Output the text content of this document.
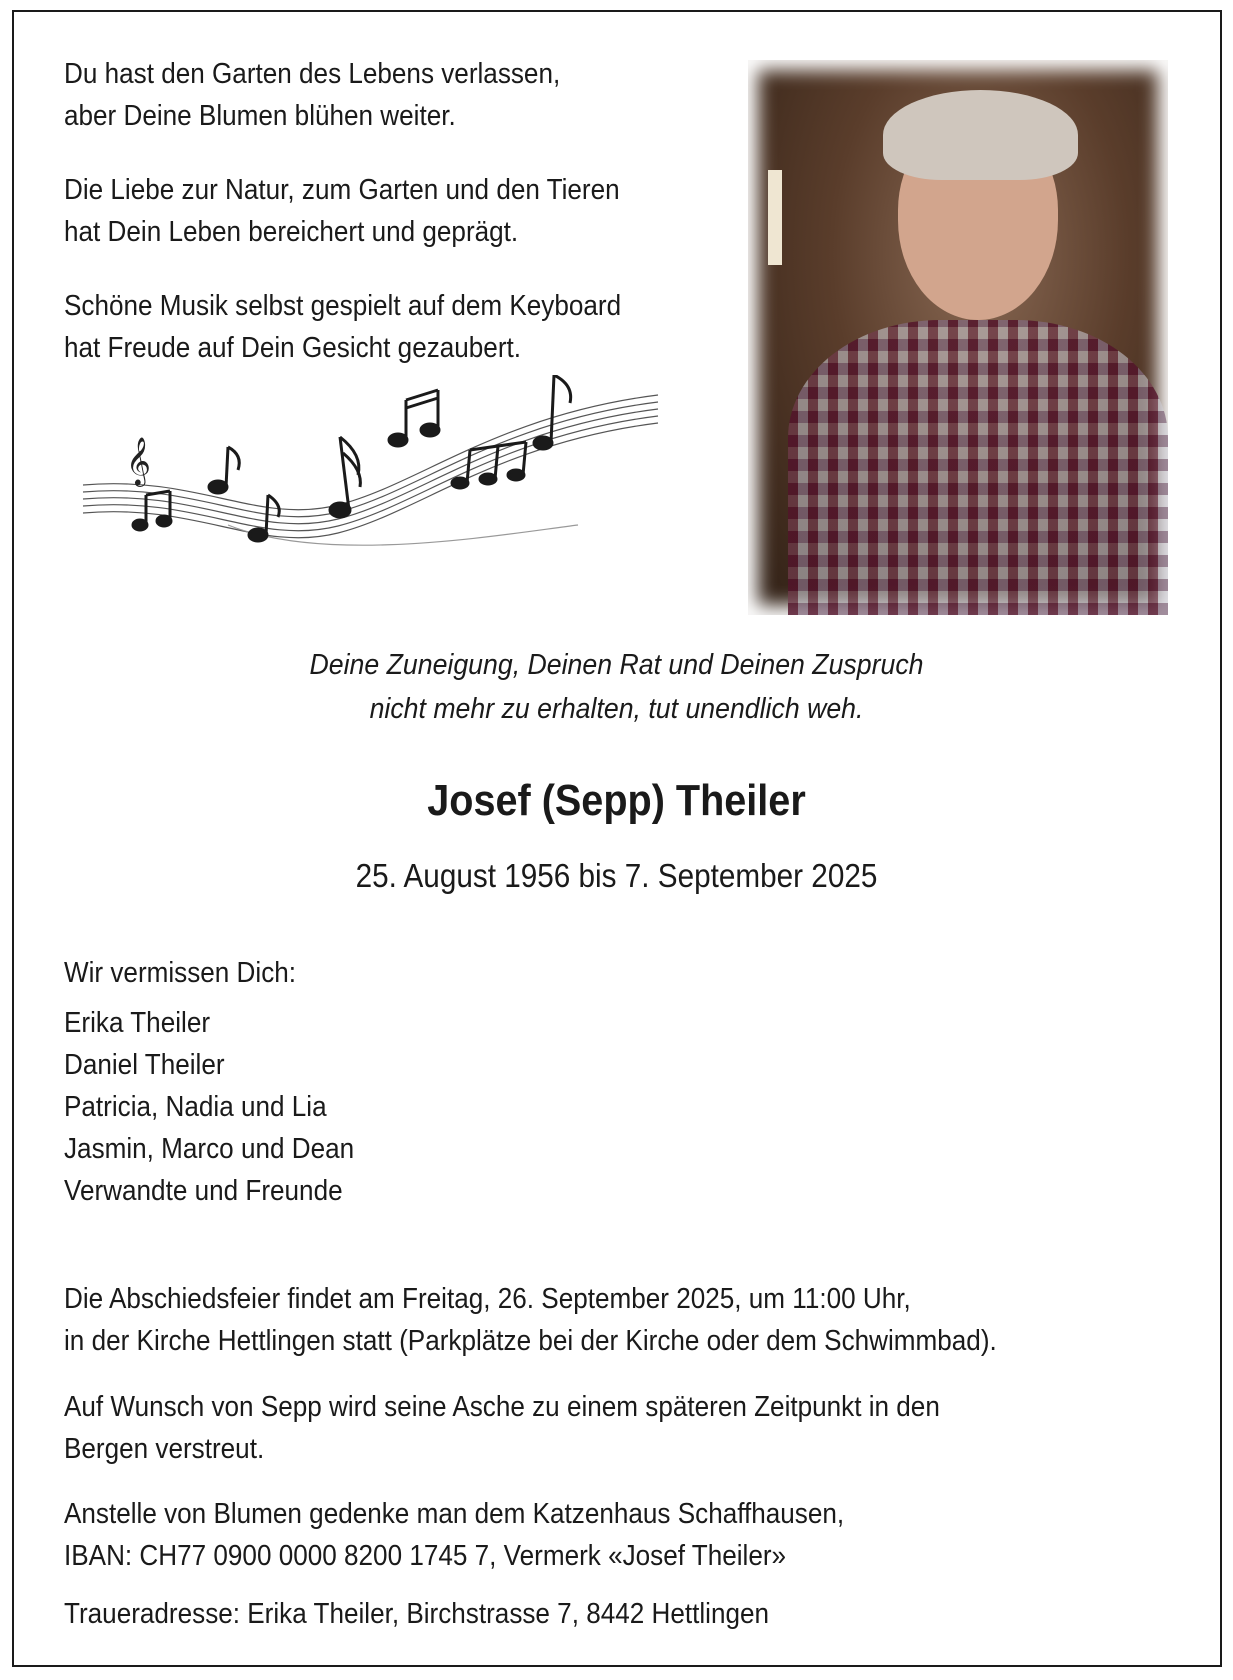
Du hast den Garten des Lebens verlassen,
aber Deine Blumen blühen weiter.
Die Liebe zur Natur, zum Garten und den Tieren
hat Dein Leben bereichert und geprägt.
Schöne Musik selbst gespielt auf dem Keyboard
hat Freude auf Dein Gesicht gezaubert.
𝄞
Deine Zuneigung, Deinen Rat und Deinen Zuspruch
nicht mehr zu erhalten, tut unendlich weh.
Josef (Sepp) Theiler
25. August 1956 bis 7. September 2025
Wir vermissen Dich:
Erika Theiler
Daniel Theiler
Patricia, Nadia und Lia
Jasmin, Marco und Dean
Verwandte und Freunde
Die Abschiedsfeier findet am Freitag, 26. September 2025, um 11:00 Uhr,
in der Kirche Hettlingen statt (Parkplätze bei der Kirche oder dem Schwimmbad).
Auf Wunsch von Sepp wird seine Asche zu einem späteren Zeitpunkt in den
Bergen verstreut.
Anstelle von Blumen gedenke man dem Katzenhaus Schaffhausen,
IBAN: CH77 0900 0000 8200 1745 7, Vermerk «Josef Theiler»
Traueradresse: Erika Theiler, Birchstrasse 7, 8442 Hettlingen
